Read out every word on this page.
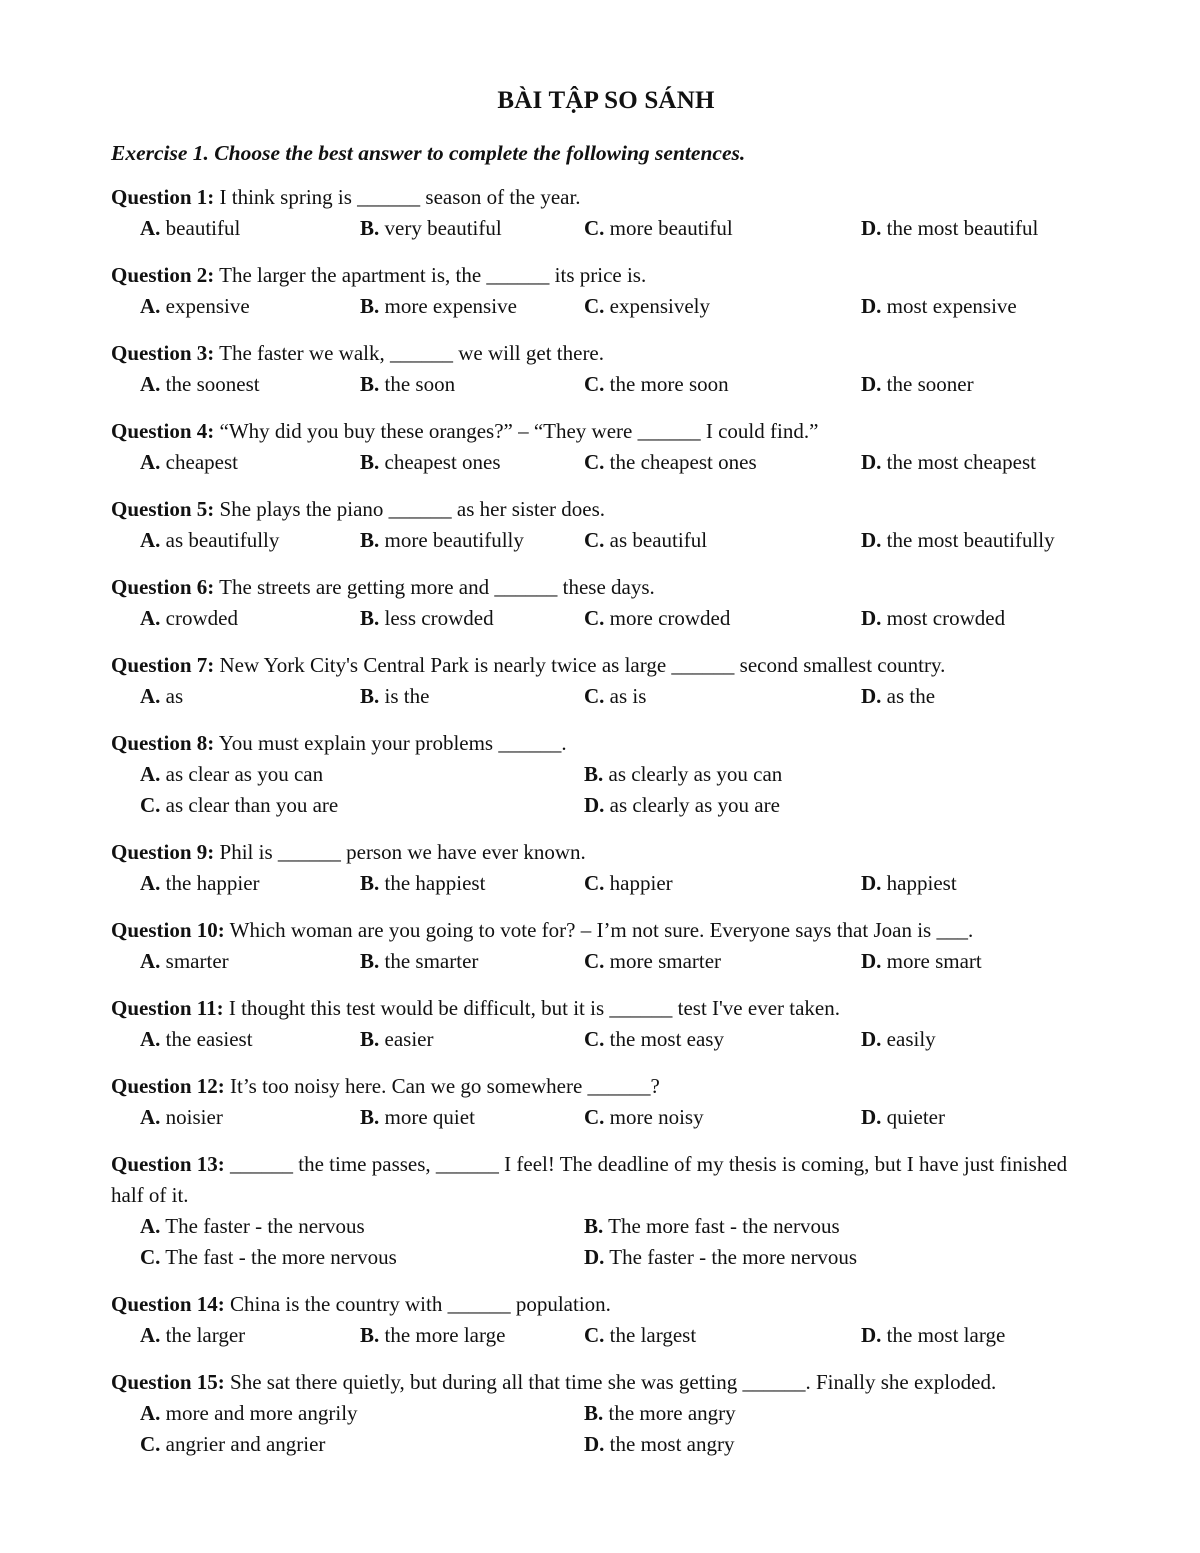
BÀI TẬP SO SÁNH
Exercise 1. Choose the best answer to complete the following sentences.
Question 1: I think spring is ______ season of the year.
A. beautiful	B. very beautiful	C. more beautiful	D. the most beautiful
Question 2: The larger the apartment is, the ______ its price is.
A. expensive	B. more expensive	C. expensively	D. most expensive
Question 3: The faster we walk, ______ we will get there.
A. the soonest	B. the soon	C. the more soon	D. the sooner
Question 4: “Why did you buy these oranges?” – “They were ______ I could find.”
A. cheapest	B. cheapest ones	C. the cheapest ones	D. the most cheapest
Question 5: She plays the piano ______ as her sister does.
A. as beautifully	B. more beautifully	C. as beautiful	D. the most beautifully
Question 6: The streets are getting more and ______ these days.
A. crowded	B. less crowded	C. more crowded	D. most crowded
Question 7: New York City's Central Park is nearly twice as large ______ second smallest country.
A. as	B. is the	C. as is	D. as the
Question 8: You must explain your problems ______.
A. as clear as you can	B. as clearly as you can
C. as clear than you are	D. as clearly as you are
Question 9: Phil is ______ person we have ever known.
A. the happier	B. the happiest	C. happier	D. happiest
Question 10: Which woman are you going to vote for? – I’m not sure. Everyone says that Joan is ___.
A. smarter	B. the smarter	C. more smarter	D. more smart
Question 11: I thought this test would be difficult, but it is ______ test I've ever taken.
A. the easiest	B. easier	C. the most easy	D. easily
Question 12: It’s too noisy here. Can we go somewhere ______?
A. noisier	B. more quiet	C. more noisy	D. quieter
Question 13: ______ the time passes, ______ I feel! The deadline of my thesis is coming, but I have just finished half of it.
A. The faster - the nervous	B. The more fast - the nervous
C. The fast - the more nervous	D. The faster - the more nervous
Question 14: China is the country with ______ population.
A. the larger	B. the more large	C. the largest	D. the most large
Question 15: She sat there quietly, but during all that time she was getting ______. Finally she exploded.
A. more and more angrily	B. the more angry
C. angrier and angrier	D. the most angry
